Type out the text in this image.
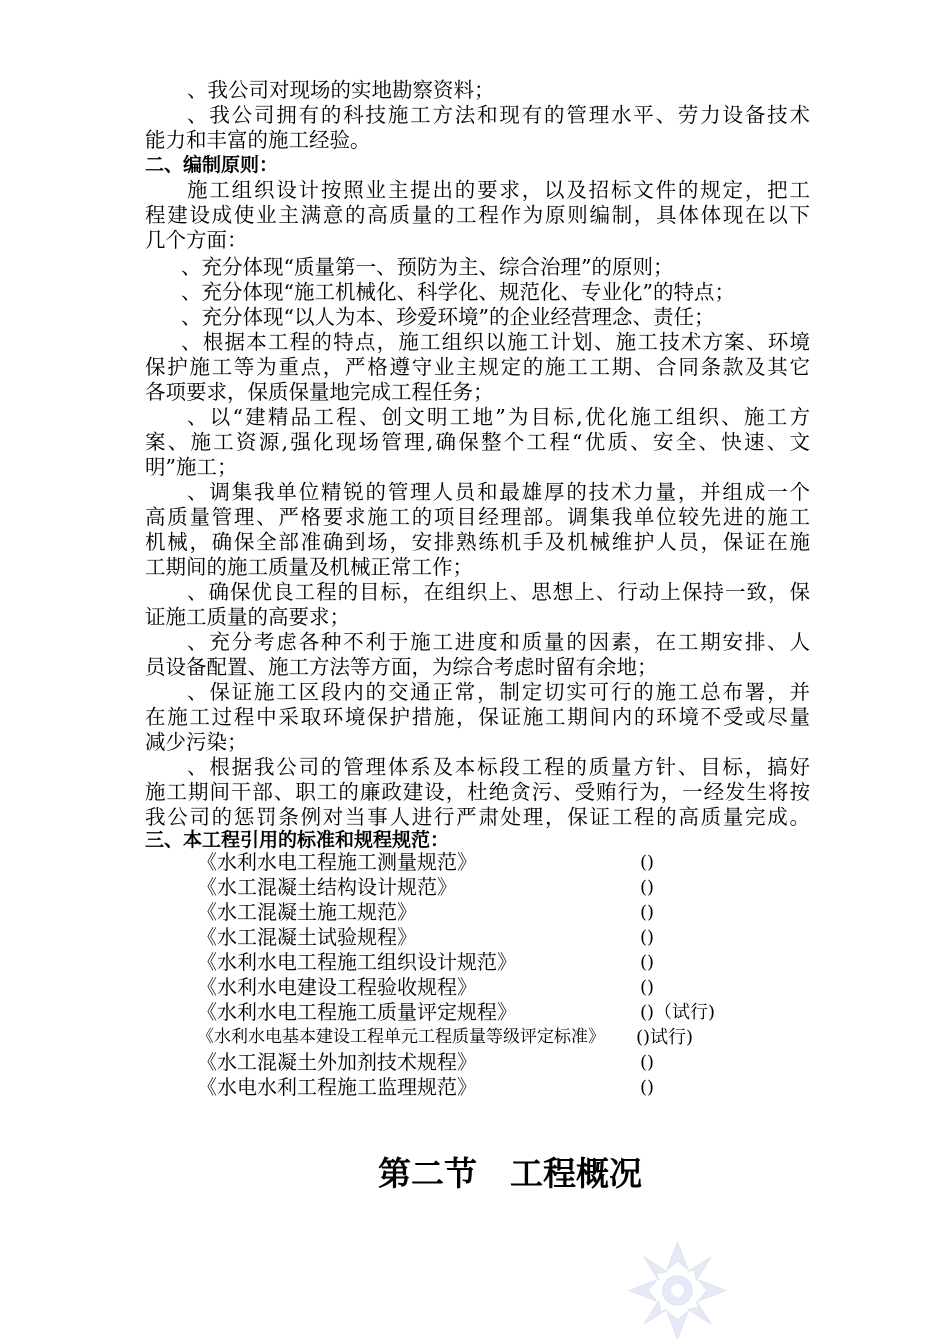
、我公司对现场的实地勘察资料；
、我公司拥有的科技施工方法和现有的管理水平、劳力设备技术
能力和丰富的施工经验。
二、编制原则：
施工组织设计按照业主提出的要求，以及招标文件的规定，把工
程建设成使业主满意的高质量的工程作为原则编制，具体体现在以下
几个方面：
、充分体现“质量第一、预防为主、综合治理”的原则；
、充分体现“施工机械化、科学化、规范化、专业化”的特点；
、充分体现“以人为本、珍爱环境”的企业经营理念、责任；
、根据本工程的特点，施工组织以施工计划、施工技术方案、环境
保护施工等为重点，严格遵守业主规定的施工工期、合同条款及其它
各项要求，保质保量地完成工程任务；
、以“建精品工程、创文明工地”为目标,优化施工组织、施工方
案、施工资源,强化现场管理,确保整个工程“优质、安全、快速、文
明”施工；
、调集我单位精锐的管理人员和最雄厚的技术力量，并组成一个
高质量管理、严格要求施工的项目经理部。调集我单位较先进的施工
机械，确保全部准确到场，安排熟练机手及机械维护人员，保证在施
工期间的施工质量及机械正常工作；
、确保优良工程的目标，在组织上、思想上、行动上保持一致，保
证施工质量的高要求；
、充分考虑各种不利于施工进度和质量的因素，在工期安排、人
员设备配置、施工方法等方面，为综合考虑时留有余地；
、保证施工区段内的交通正常，制定切实可行的施工总布署，并
在施工过程中采取环境保护措施，保证施工期间内的环境不受或尽量
减少污染；
、根据我公司的管理体系及本标段工程的质量方针、目标，搞好
施工期间干部、职工的廉政建设，杜绝贪污、受贿行为，一经发生将按
我公司的惩罚条例对当事人进行严肃处理，保证工程的高质量完成。
三、本工程引用的标准和规程规范：
《水利水电工程施工测量规范》	()
《水工混凝土结构设计规范》	()
《水工混凝土施工规范》	()
《水工混凝土试验规程》	()
《水利水电工程施工组织设计规范》	()
《水利水电建设工程验收规程》	()
《水利水电工程施工质量评定规程》	()（试行)
《水利水电基本建设工程单元工程质量等级评定标准》 ()试行)
《水工混凝土外加剂技术规程》	()
《水电水利工程施工监理规范》	()
第二节　工程概况
